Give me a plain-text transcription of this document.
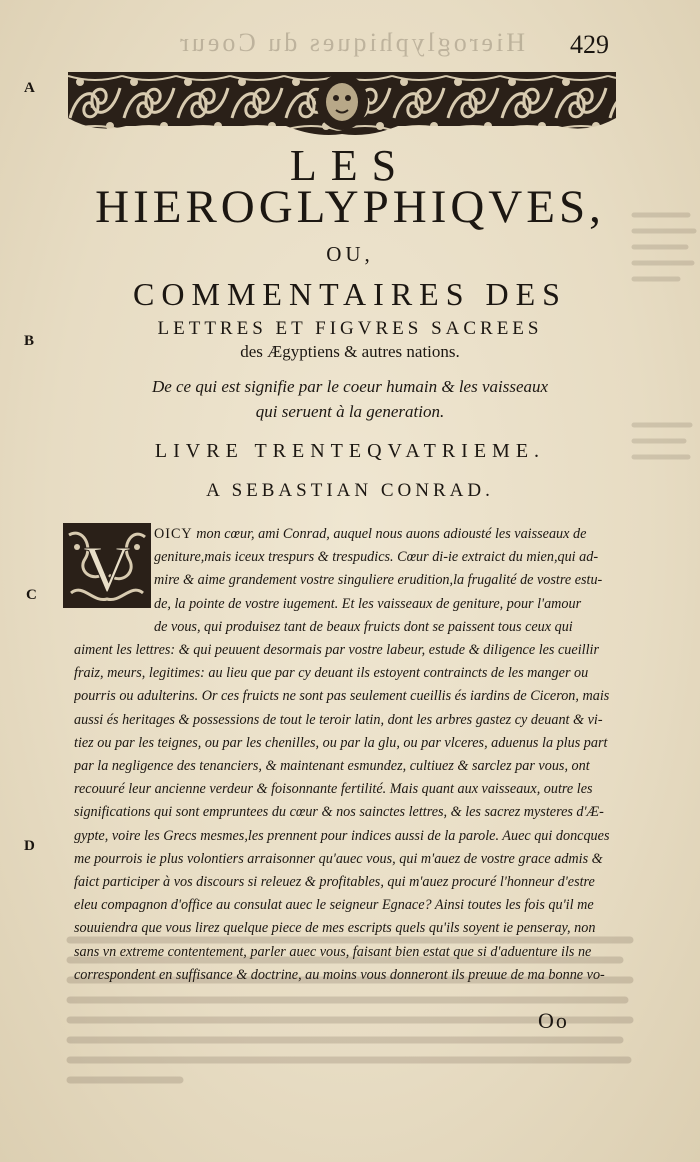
Hieroglyphiques du Coeur 429
A
B
C
D
LES
HIEROGLYPHIQVES,
OU,
COMMENTAIRES DES
LETTRES ET FIGVRES SACREES
des Ægyptiens & autres nations.
De ce qui est signifie par le coeur humain & les vaisseaux
qui seruent à la generation.
LIVRE TRENTEQVATRIEME.
A SEBASTIAN CONRAD.
V	OICY mon cœur, ami Conrad, auquel nous auons adiousté les vaisseaux de
geniture,mais iceux trespurs & trespudics. Cœur di-ie extraict du mien,qui ad-
mire & aime grandement vostre singuliere erudition,la frugalité de vostre estu-
de, la pointe de vostre iugement. Et les vaisseaux de geniture, pour l'amour
de vous, qui produisez tant de beaux fruicts dont se paissent tous ceux qui
aiment les lettres: & qui peuuent desormais par vostre labeur, estude & diligence les cueillir
fraiz, meurs, legitimes: au lieu que par cy deuant ils estoyent contraincts de les manger ou
pourris ou adulterins. Or ces fruicts ne sont pas seulement cueillis és iardins de Ciceron, mais
aussi és heritages & possessions de tout le teroir latin, dont les arbres gastez cy deuant & vi-
tiez ou par les teignes, ou par les chenilles, ou par la glu, ou par vlceres, aduenus la plus part
par la negligence des tenanciers, & maintenant esmundez, cultiuez & sarclez par vous, ont
recouuré leur ancienne verdeur & foisonnante fertilité. Mais quant aux vaisseaux, outre les
significations qui sont empruntees du cœur & nos sainctes lettres, & les sacrez mysteres d'Æ-
gypte, voire les Grecs mesmes,les prennent pour indices aussi de la parole. Auec qui doncques
me pourrois ie plus volontiers arraisonner qu'auec vous, qui m'auez de vostre grace admis &
faict participer à vos discours si releuez & profitables, qui m'auez procuré l'honneur d'estre
eleu compagnon d'office au consulat auec le seigneur Egnace? Ainsi toutes les fois qu'il me
souuiendra que vous lirez quelque piece de mes escripts quels qu'ils soyent ie penseray, non
sans vn extreme contentement, parler auec vous, faisant bien estat que si d'aduenture ils ne
correspondent en suffisance & doctrine, au moins vous donneront ils preuue de ma bonne vo-
Oo
